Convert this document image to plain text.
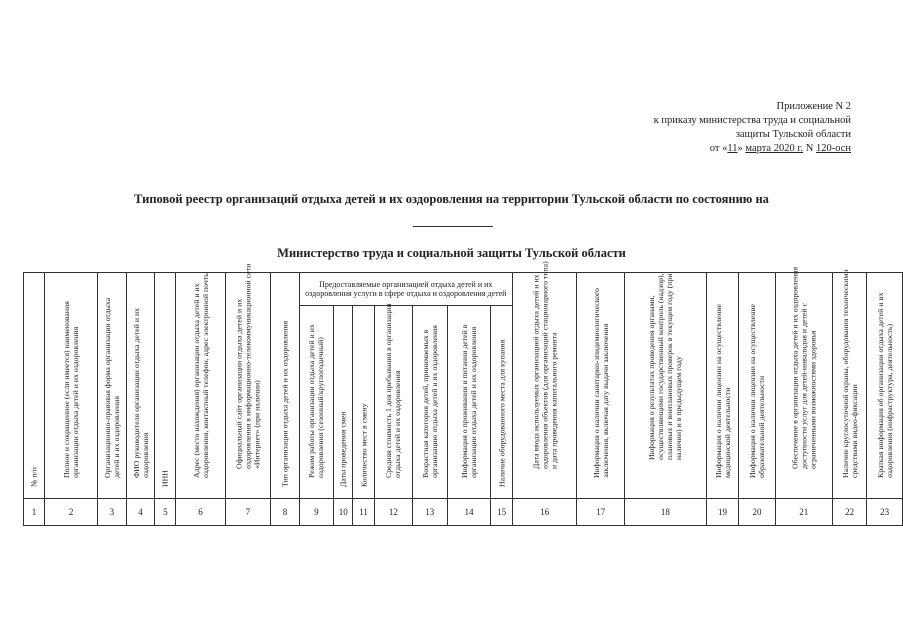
Приложение N 2
к приказу министерства труда и социальной
защиты Тульской области
от «11» марта 2020 г. N 120-осн
Типовой реестр организаций отдыха детей и их оздоровления на территории Тульской области по состоянию на
Министерство труда и социальной защиты Тульской области
№ п/п	Полное и сокращенное (если имеется) наименования организации отдыха детей и их оздоровления	Организационно-правовая форма организации отдыха детей и их оздоровления	ФИО руководителя организации отдыха детей и их оздоровления	ИНН	Адрес (место нахождения) организации отдыха детей и их оздоровления, контактный телефон, адрес электронной почты	Официальный сайт организации отдыха детей и их оздоровления в информационно-телекоммуникационной сети «Интернет» (при наличии)	Тип организации отдыха детей и их оздоровления	Предоставляемые организацией отдыха детей и их оздоровления услуги в сфере отдыха и оздоровления детей							Дата ввода используемых организацией отдыха детей и их оздоровления объектов (для организаций стационарного типа) и дата проведения капитального ремонта	Информация о наличии санитарно-эпидемиологического заключения, включая дату выдачи заключения	Информация о результатах проведения органами, осуществляющими государственный контроль (надзор), плановых и внеплановых проверок в текущем году (при наличии) и в предыдущем году	Информация о наличии лицензии на осуществление медицинской деятельности	Информация о наличии лицензии на осуществление образовательной деятельности	Обеспечение в организации отдыха детей и их оздоровления доступности услуг для детей-инвалидов и детей с ограниченными возможностями здоровья	Наличие круглосуточной охраны, оборудования техническими средствами видео-фиксации	Краткая информация об организации отдыха детей и их оздоровления (инфраструктура, деятельность)

								Режим работы организации отдыха детей и их оздоровления (сезонный/круглогодичный)	Даты проведения смен	Количество мест в смену	Средняя стоимость 1 дня пребывания в организации отдыха детей и их оздоровления	Возрастная категория детей, принимаемых в организацию отдыха детей и их оздоровления	Информация о проживании и питании детей в организации отдыха детей и их оздоровления	Наличие оборудованного места для купания								

1	2	3	4	5	6	7	8	9	10	11	12	13	14	15	16	17	18	19	20	21	22	23
